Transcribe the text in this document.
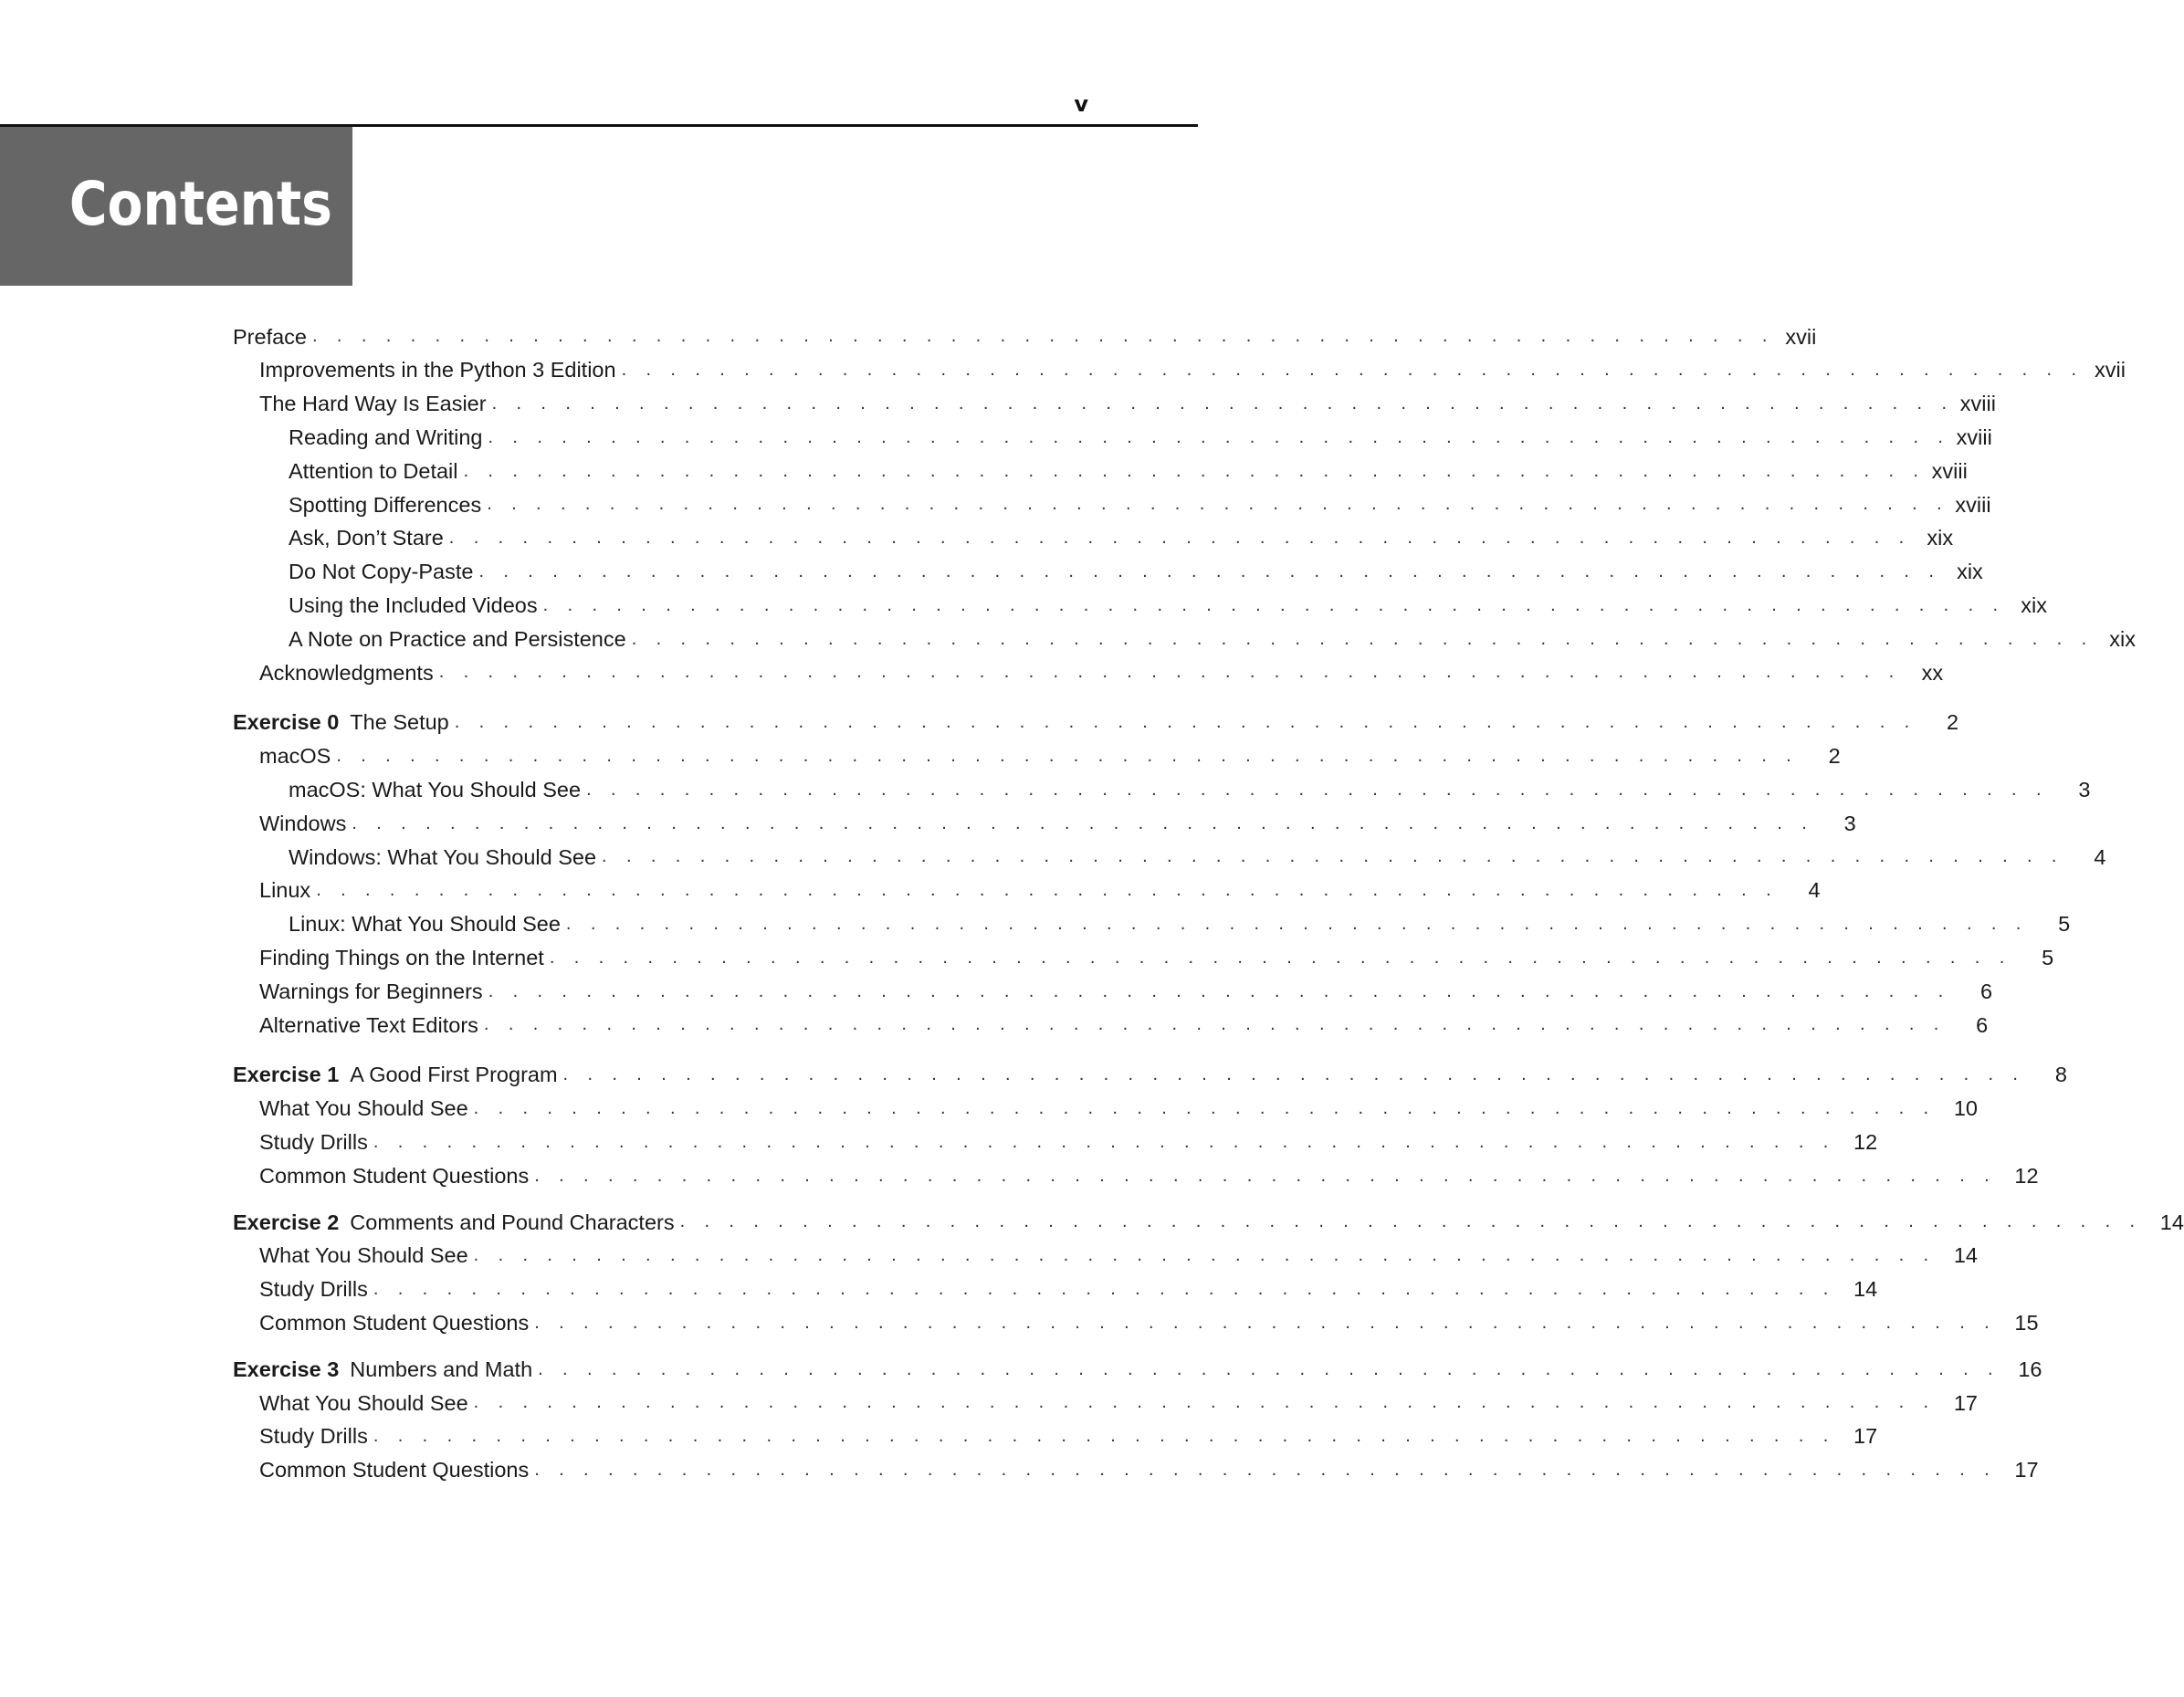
v
Contents
Preface . . . . . . . . . . . . . . . . . . . . . . . . . . . . . . . . . . . . . . . . . . . . . . . . . . . . . . . . . . . . xvii
Improvements in the Python 3 Edition . . . . . . . . . . . . . . . . . . . . . . . . . . . . . . . . . . . . . . . . . . . . . . . . . . . . . . . . . . . . xvii
The Hard Way Is Easier . . . . . . . . . . . . . . . . . . . . . . . . . . . . . . . . . . . . . . . . . . . . . . . . . . . . . . . . . . . . xviii
Reading and Writing . . . . . . . . . . . . . . . . . . . . . . . . . . . . . . . . . . . . . . . . . . . . . . . . . . . . . . . . . . . . xviii
Attention to Detail . . . . . . . . . . . . . . . . . . . . . . . . . . . . . . . . . . . . . . . . . . . . . . . . . . . . . . . . . . . . xviii
Spotting Differences . . . . . . . . . . . . . . . . . . . . . . . . . . . . . . . . . . . . . . . . . . . . . . . . . . . . . . . . . . . . xviii
Ask, Don’t Stare . . . . . . . . . . . . . . . . . . . . . . . . . . . . . . . . . . . . . . . . . . . . . . . . . . . . . . . . . . . . xix
Do Not Copy-Paste . . . . . . . . . . . . . . . . . . . . . . . . . . . . . . . . . . . . . . . . . . . . . . . . . . . . . . . . . . . . xix
Using the Included Videos . . . . . . . . . . . . . . . . . . . . . . . . . . . . . . . . . . . . . . . . . . . . . . . . . . . . . . . . . . . . xix
A Note on Practice and Persistence . . . . . . . . . . . . . . . . . . . . . . . . . . . . . . . . . . . . . . . . . . . . . . . . . . . . . . . . . . . . xix
Acknowledgments . . . . . . . . . . . . . . . . . . . . . . . . . . . . . . . . . . . . . . . . . . . . . . . . . . . . . . . . . . . . xx
Exercise 0 The Setup . . . . . . . . . . . . . . . . . . . . . . . . . . . . . . . . . . . . . . . . . . . . . . . . . . . . . . . . . . . .	2
macOS . . . . . . . . . . . . . . . . . . . . . . . . . . . . . . . . . . . . . . . . . . . . . . . . . . . . . . . . . . . .	2
macOS: What You Should See . . . . . . . . . . . . . . . . . . . . . . . . . . . . . . . . . . . . . . . . . . . . . . . . . . . . . . . . . . . .	3
Windows . . . . . . . . . . . . . . . . . . . . . . . . . . . . . . . . . . . . . . . . . . . . . . . . . . . . . . . . . . . .	3
Windows: What You Should See . . . . . . . . . . . . . . . . . . . . . . . . . . . . . . . . . . . . . . . . . . . . . . . . . . . . . . . . . . . .	4
Linux . . . . . . . . . . . . . . . . . . . . . . . . . . . . . . . . . . . . . . . . . . . . . . . . . . . . . . . . . . . .	4
Linux: What You Should See . . . . . . . . . . . . . . . . . . . . . . . . . . . . . . . . . . . . . . . . . . . . . . . . . . . . . . . . . . . .	5
Finding Things on the Internet . . . . . . . . . . . . . . . . . . . . . . . . . . . . . . . . . . . . . . . . . . . . . . . . . . . . . . . . . . . .	5
Warnings for Beginners . . . . . . . . . . . . . . . . . . . . . . . . . . . . . . . . . . . . . . . . . . . . . . . . . . . . . . . . . . . .	6
Alternative Text Editors . . . . . . . . . . . . . . . . . . . . . . . . . . . . . . . . . . . . . . . . . . . . . . . . . . . . . . . . . . . .	6
Exercise 1 A Good First Program . . . . . . . . . . . . . . . . . . . . . . . . . . . . . . . . . . . . . . . . . . . . . . . . . . . . . . . . . . . .	8
What You Should See . . . . . . . . . . . . . . . . . . . . . . . . . . . . . . . . . . . . . . . . . . . . . . . . . . . . . . . . . . . . 10
Study Drills . . . . . . . . . . . . . . . . . . . . . . . . . . . . . . . . . . . . . . . . . . . . . . . . . . . . . . . . . . . . 12
Common Student Questions . . . . . . . . . . . . . . . . . . . . . . . . . . . . . . . . . . . . . . . . . . . . . . . . . . . . . . . . . . . . 12
Exercise 2 Comments and Pound Characters . . . . . . . . . . . . . . . . . . . . . . . . . . . . . . . . . . . . . . . . . . . . . . . . . . . . . . . . . . . . 14
What You Should See . . . . . . . . . . . . . . . . . . . . . . . . . . . . . . . . . . . . . . . . . . . . . . . . . . . . . . . . . . . . 14
Study Drills . . . . . . . . . . . . . . . . . . . . . . . . . . . . . . . . . . . . . . . . . . . . . . . . . . . . . . . . . . . . 14
Common Student Questions . . . . . . . . . . . . . . . . . . . . . . . . . . . . . . . . . . . . . . . . . . . . . . . . . . . . . . . . . . . . 15
Exercise 3 Numbers and Math . . . . . . . . . . . . . . . . . . . . . . . . . . . . . . . . . . . . . . . . . . . . . . . . . . . . . . . . . . . . 16
What You Should See . . . . . . . . . . . . . . . . . . . . . . . . . . . . . . . . . . . . . . . . . . . . . . . . . . . . . . . . . . . . 17
Study Drills . . . . . . . . . . . . . . . . . . . . . . . . . . . . . . . . . . . . . . . . . . . . . . . . . . . . . . . . . . . . 17
Common Student Questions . . . . . . . . . . . . . . . . . . . . . . . . . . . . . . . . . . . . . . . . . . . . . . . . . . . . . . . . . . . . 17
